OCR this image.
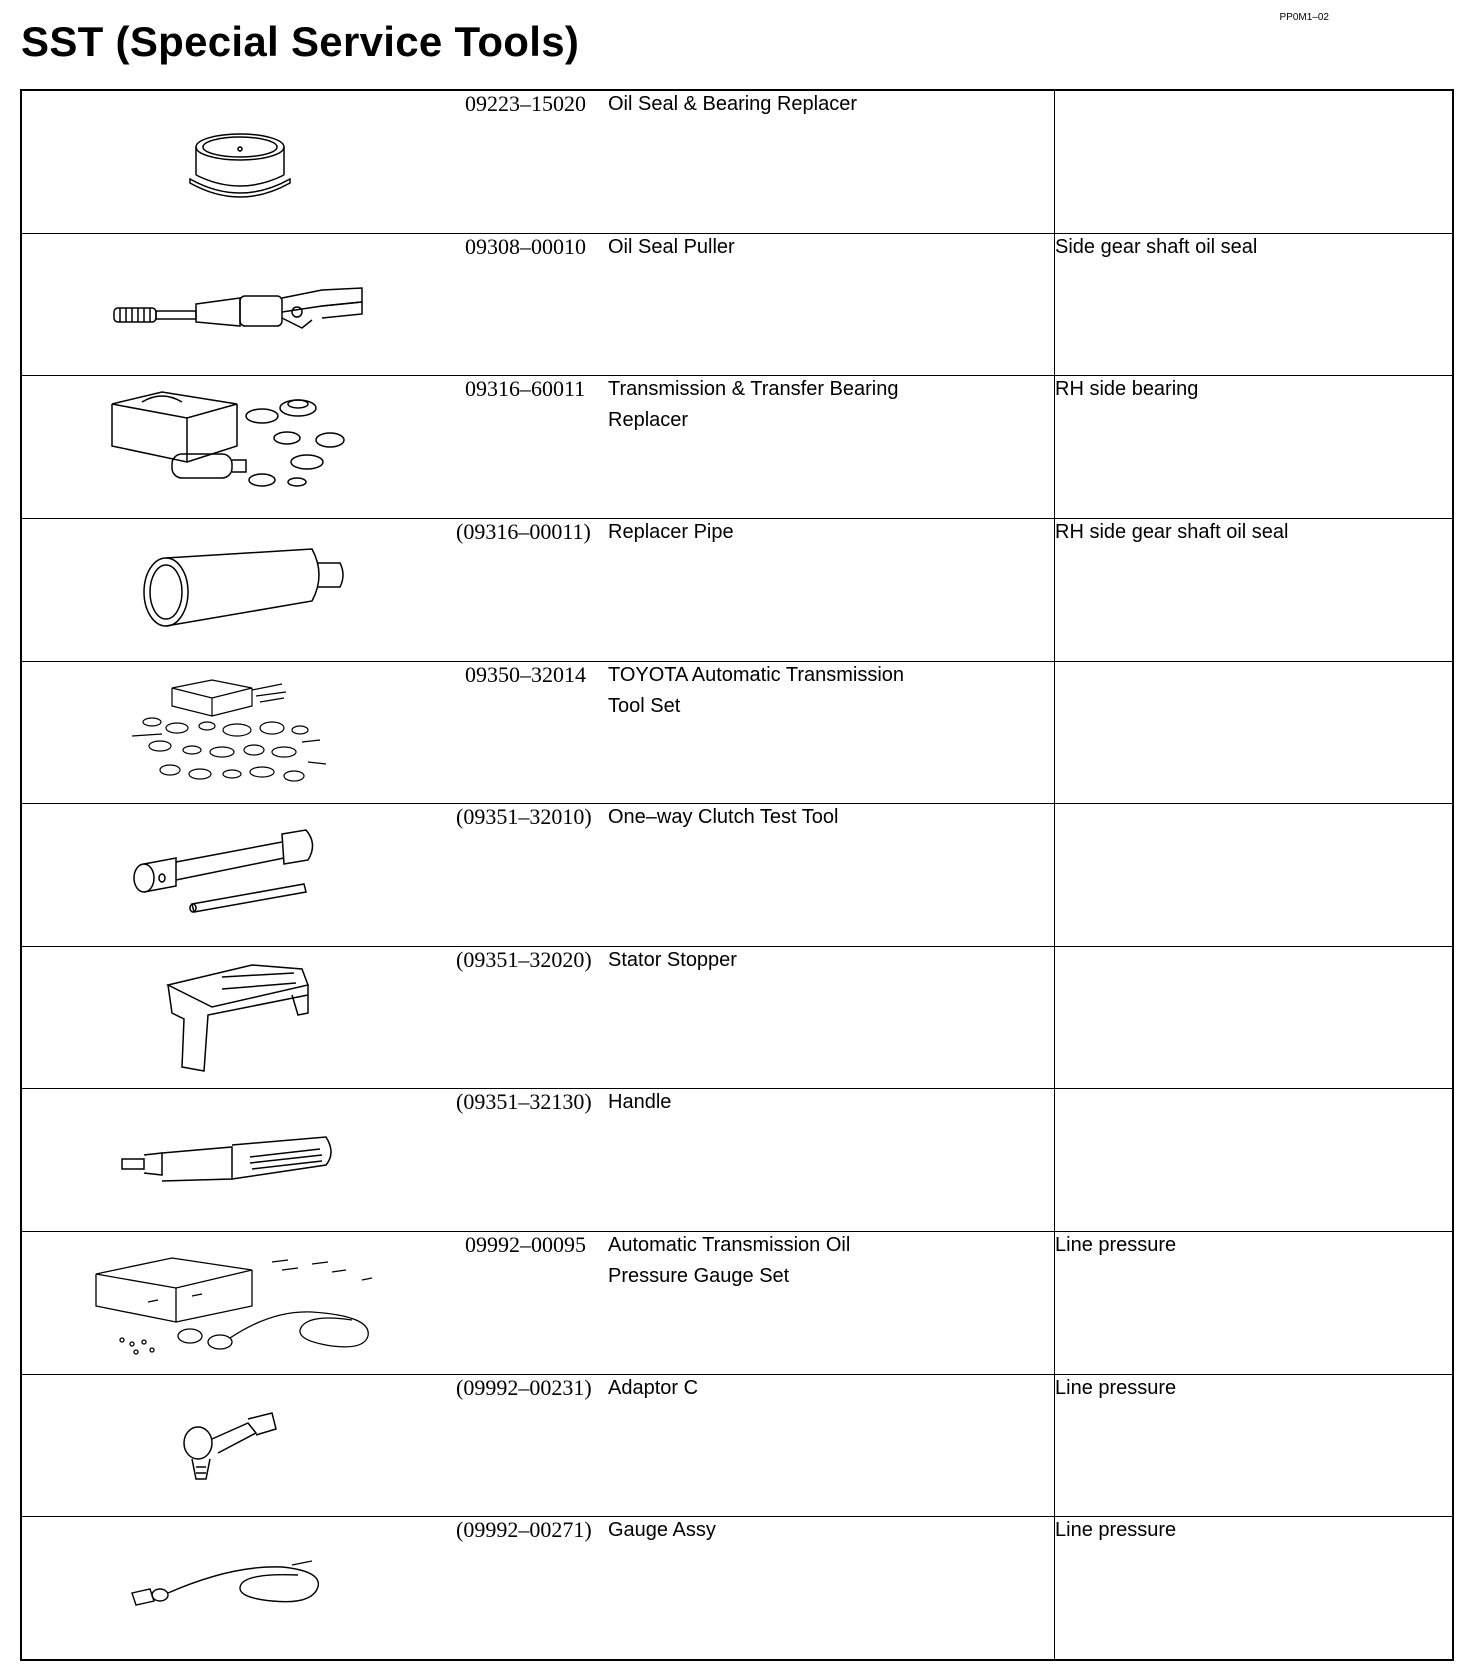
PP0M1–02
SST (Special Service Tools)

09223–15020	Oil Seal & Bearing Replacer	

09308–00010	Oil Seal Puller	Side gear shaft oil seal

09316–60011	Transmission & Transfer Bearing
Replacer	RH side bearing

(09316–00011)	Replacer Pipe	RH side gear shaft oil seal

09350–32014	TOYOTA Automatic Transmission
Tool Set	

(09351–32010)	One–way Clutch Test Tool	

(09351–32020)	Stator Stopper	

(09351–32130)	Handle	

09992–00095	Automatic Transmission Oil
Pressure Gauge Set	Line pressure

(09992–00231)	Adaptor C	Line pressure

(09992–00271)	Gauge Assy	Line pressure
